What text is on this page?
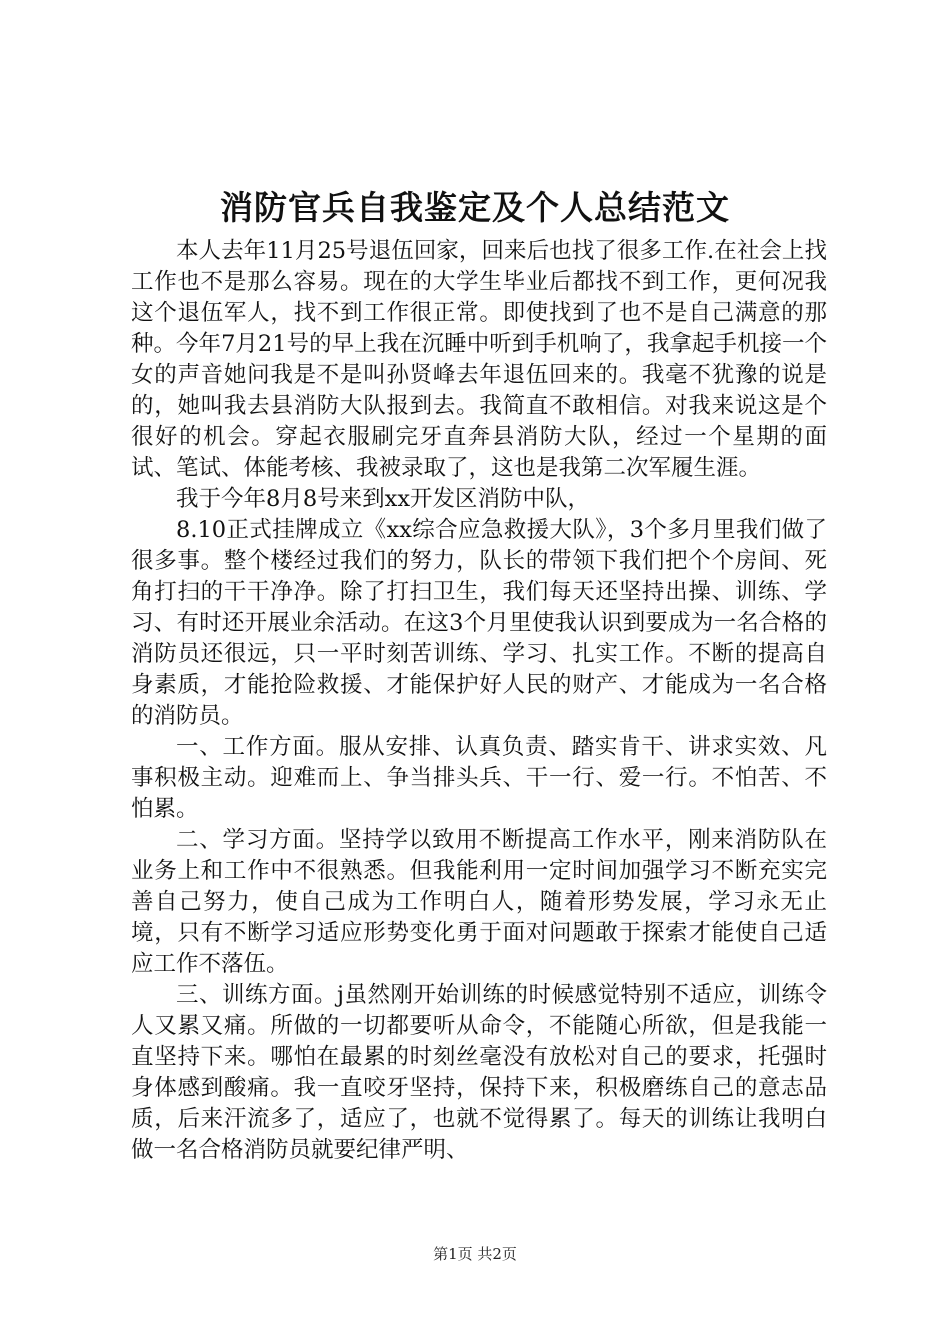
消防官兵自我鉴定及个人总结范文

本人去年11月25号退伍回家，回来后也找了很多工作.在社会上找工作也不是那么容易。现在的大学生毕业后都找不到工作，更何况我这个退伍军人，找不到工作很正常。即使找到了也不是自己满意的那种。今年7月21号的早上我在沉睡中听到手机响了，我拿起手机接一个女的声音她问我是不是叫孙贤峰去年退伍回来的。我毫不犹豫的说是的，她叫我去县消防大队报到去。我简直不敢相信。对我来说这是个很好的机会。穿起衣服刷完牙直奔县消防大队，经过一个星期的面试、笔试、体能考核、我被录取了，这也是我第二次军履生涯。

我于今年8月8号来到xx开发区消防中队，

8.10正式挂牌成立《xx综合应急救援大队》，3个多月里我们做了很多事。整个楼经过我们的努力，队长的带领下我们把个个房间、死角打扫的干干净净。除了打扫卫生，我们每天还坚持出操、训练、学习、有时还开展业余活动。在这3个月里使我认识到要成为一名合格的消防员还很远，只一平时刻苦训练、学习、扎实工作。不断的提高自身素质，才能抢险救援、才能保护好人民的财产、才能成为一名合格的消防员。

一、工作方面。服从安排、认真负责、踏实肯干、讲求实效、凡事积极主动。迎难而上、争当排头兵、干一行、爱一行。不怕苦、不怕累。

二、学习方面。坚持学以致用不断提高工作水平，刚来消防队在业务上和工作中不很熟悉。但我能利用一定时间加强学习不断充实完善自己努力，使自己成为工作明白人，随着形势发展，学习永无止境，只有不断学习适应形势变化勇于面对问题敢于探索才能使自己适应工作不落伍。

三、训练方面。j虽然刚开始训练的时候感觉特别不适应，训练令人又累又痛。所做的一切都要听从命令，不能随心所欲，但是我能一直坚持下来。哪怕在最累的时刻丝毫没有放松对自己的要求，托强时身体感到酸痛。我一直咬牙坚持，保持下来，积极磨练自己的意志品质，后来汗流多了，适应了，也就不觉得累了。每天的训练让我明白做一名合格消防员就要纪律严明、

第1页 共2页
